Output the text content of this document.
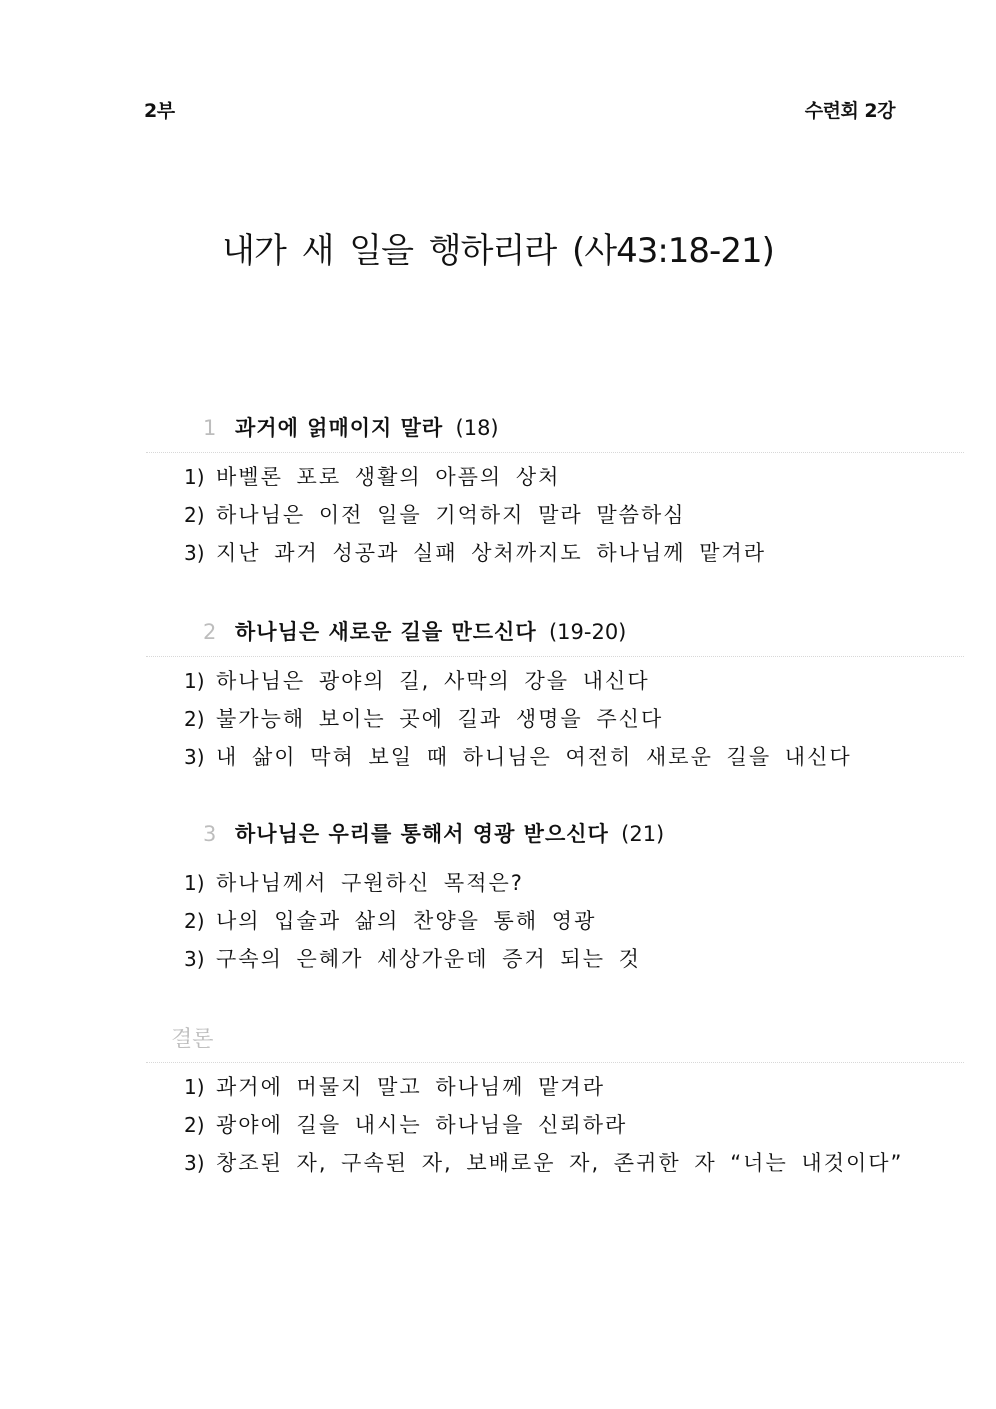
2부	수련회 2강
내가 새 일을 행하리라 (사43:18-21)
1 과거에 얽매이지 말라 (18)
1) 바벨론 포로 생활의 아픔의 상처
2) 하나님은 이전 일을 기억하지 말라 말씀하심
3) 지난 과거 성공과 실패 상처까지도 하나님께 맡겨라
2 하나님은 새로운 길을 만드신다 (19-20)
1) 하나님은 광야의 길, 사막의 강을 내신다
2) 불가능해 보이는 곳에 길과 생명을 주신다
3) 내 삶이 막혀 보일 때 하니님은 여전히 새로운 길을 내신다
3 하나님은 우리를 통해서 영광 받으신다 (21)
1) 하나님께서 구원하신 목적은?
2) 나의 입술과 삶의 찬양을 통해 영광
3) 구속의 은혜가 세상가운데 증거 되는 것
결론
1) 과거에 머물지 말고 하나님께 맡겨라
2) 광야에 길을 내시는 하나님을 신뢰하라
3) 창조된 자, 구속된 자, 보배로운 자, 존귀한 자 “너는 내것이다”
